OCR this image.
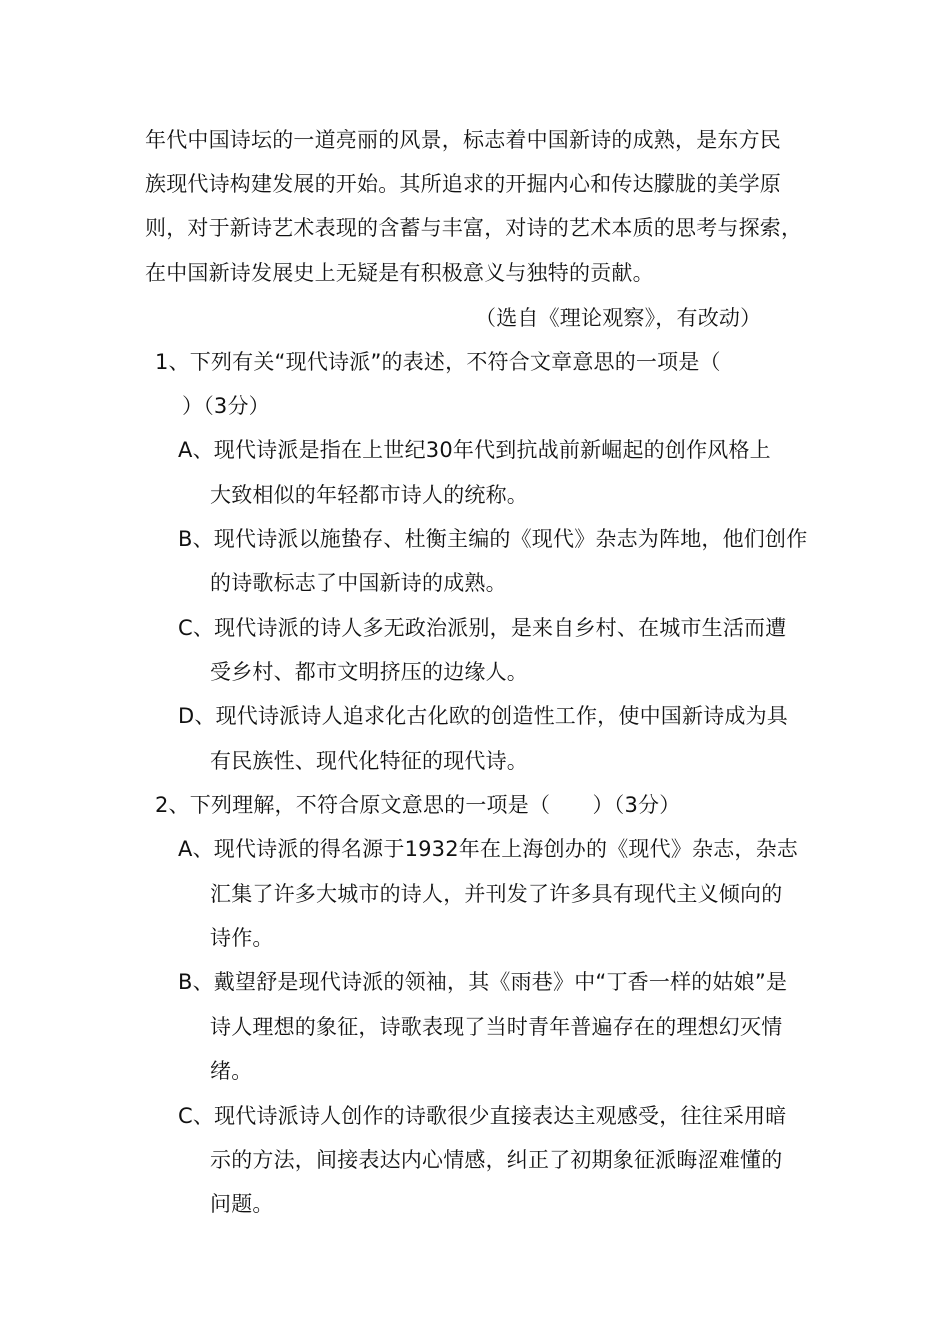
年代中国诗坛的一道亮丽的风景，标志着中国新诗的成熟，是东方民
族现代诗构建发展的开始。其所追求的开掘内心和传达朦胧的美学原
则，对于新诗艺术表现的含蓄与丰富，对诗的艺术本质的思考与探索，
在中国新诗发展史上无疑是有积极意义与独特的贡献。
（选自《理论观察》，有改动）
1、下列有关“现代诗派”的表述，不符合文章意思的一项是（
）（3分）
A、现代诗派是指在上世纪30年代到抗战前新崛起的创作风格上
大致相似的年轻都市诗人的统称。
B、现代诗派以施蛰存、杜衡主编的《现代》杂志为阵地，他们创作
的诗歌标志了中国新诗的成熟。
C、现代诗派的诗人多无政治派别，是来自乡村、在城市生活而遭
受乡村、都市文明挤压的边缘人。
D、现代诗派诗人追求化古化欧的创造性工作，使中国新诗成为具
有民族性、现代化特征的现代诗。
2、下列理解，不符合原文意思的一项是（　　）（3分）
A、现代诗派的得名源于1932年在上海创办的《现代》杂志，杂志
汇集了许多大城市的诗人，并刊发了许多具有现代主义倾向的
诗作。
B、戴望舒是现代诗派的领袖，其《雨巷》中“丁香一样的姑娘”是
诗人理想的象征，诗歌表现了当时青年普遍存在的理想幻灭情
绪。
C、现代诗派诗人创作的诗歌很少直接表达主观感受，往往采用暗
示的方法，间接表达内心情感，纠正了初期象征派晦涩难懂的
问题。
